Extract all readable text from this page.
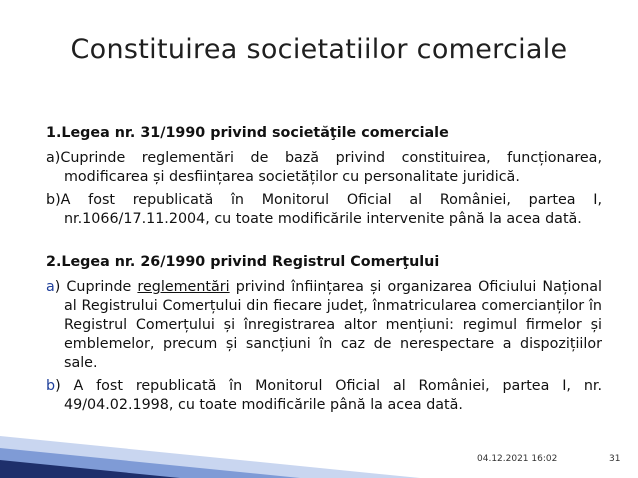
Constituirea societatiilor comerciale

1.Legea nr. 31/1990 privind societăţile comerciale

a)Cuprinde reglementări de bază privind constituirea, funcționarea, modificarea și desființarea societăților cu personalitate juridică.

b)A fost republicată în Monitorul Oficial al României, partea I, nr.1066/17.11.2004, cu toate modificările intervenite până la acea dată.

2.Legea nr. 26/1990 privind Registrul Comerţului

a) Cuprinde reglementări privind înființarea și organizarea Oficiului Național al Registrului Comerțului din fiecare județ, înmatricularea comercianților în Registrul Comerțului și înregistrarea altor mențiuni: regimul firmelor și emblemelor, precum și sancțiuni în caz de nerespectare a dispozițiilor sale.

b) A fost republicată în Monitorul Oficial al României, partea I, nr. 49/04.02.1998, cu toate modificările până la acea dată.

04.12.2021 16:02	31
